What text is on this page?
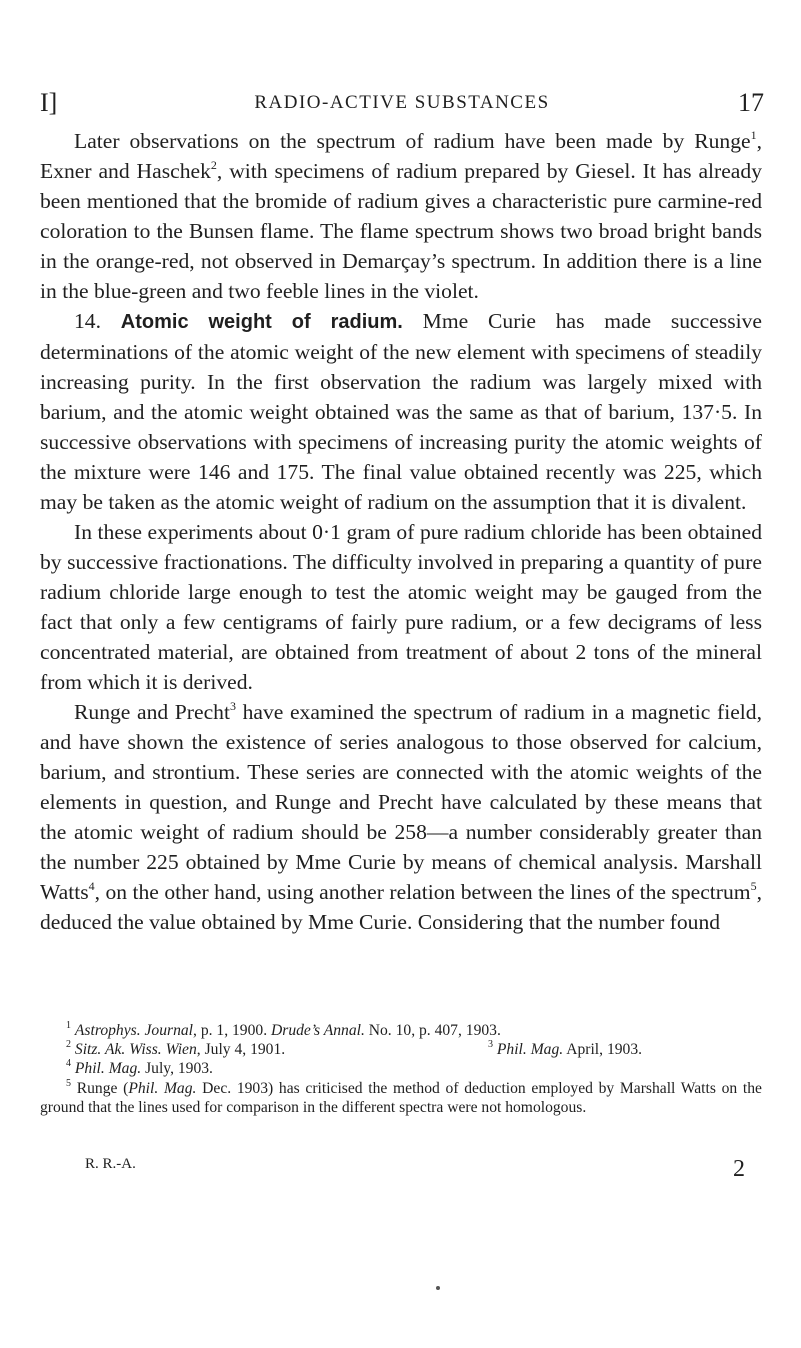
I]	RADIO-ACTIVE SUBSTANCES	17

Later observations on the spectrum of radium have been made by Runge$^1$, Exner and Haschek$^2$, with specimens of radium prepared by Giesel. It has already been mentioned that the bromide of radium gives a characteristic pure carmine-red coloration to the Bunsen flame. The flame spectrum shows two broad bright bands in the orange-red, not observed in Demarçay’s spectrum. In addition there is a line in the blue-green and two feeble lines in the violet.

14. Atomic weight of radium. Mme Curie has made successive determinations of the atomic weight of the new element with specimens of steadily increasing purity. In the first observation the radium was largely mixed with barium, and the atomic weight obtained was the same as that of barium, 137·5. In successive observations with specimens of increasing purity the atomic weights of the mixture were 146 and 175. The final value obtained recently was 225, which may be taken as the atomic weight of radium on the assumption that it is divalent.

In these experiments about 0·1 gram of pure radium chloride has been obtained by successive fractionations. The difficulty involved in preparing a quantity of pure radium chloride large enough to test the atomic weight may be gauged from the fact that only a few centigrams of fairly pure radium, or a few decigrams of less concentrated material, are obtained from treatment of about 2 tons of the mineral from which it is derived.

Runge and Precht$^3$ have examined the spectrum of radium in a magnetic field, and have shown the existence of series analogous to those observed for calcium, barium, and strontium. These series are connected with the atomic weights of the elements in question, and Runge and Precht have calculated by these means that the atomic weight of radium should be 258—a number considerably greater than the number 225 obtained by Mme Curie by means of chemical analysis. Marshall Watts$^4$, on the other hand, using another relation between the lines of the spectrum$^5$, deduced the value obtained by Mme Curie. Considering that the number found

$^1$ Astrophys. Journal, p. 1, 1900. Drude’s Annal. No. 10, p. 407, 1903.

$^2$ Sitz. Ak. Wiss. Wien, July 4, 1901.	$^3$ Phil. Mag. April, 1903.

$^4$ Phil. Mag. July, 1903.

$^5$ Runge (Phil. Mag. Dec. 1903) has criticised the method of deduction employed by Marshall Watts on the ground that the lines used for comparison in the different spectra were not homologous.

R. R.-A.	2
